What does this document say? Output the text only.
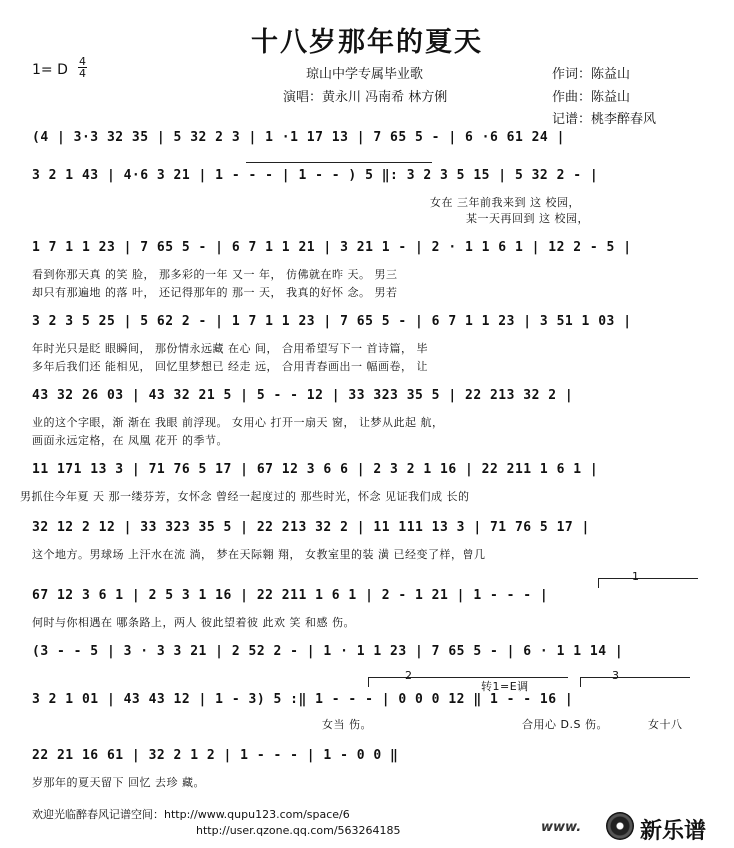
十八岁那年的夏天
1= D
4
4	琼山中学专属毕业歌
演唱：黄永川 冯南希 林方俐
作词：陈益山
作曲：陈益山
记谱：桃李醉春风
(4 | 3·3 32 35 | 5 32 2 3 | 1 ·1 17 13 | 7 65 5 - | 6 ·6 61 24 |
3 2 1 43 | 4·6 3 21 | 1 - - - | 1 - - ) 5 ‖: 3 2 3 5 15 | 5 32 2 - |
女在 三年前我来到 这 校园，
某一天再回到 这 校园，
1 7 1 1 23 | 7 65 5 - | 6 7 1 1 21 | 3 21 1 - | 2 · 1 1 6 1 | 12 2 - 5 |
看到你那天真 的笑 脸， 那多彩的一年 又一 年， 仿佛就在昨 天。 男三
却只有那遍地 的落 叶， 还记得那年的 那一 天， 我真的好怀 念。 男若
3 2 3 5 25 | 5 62 2 - | 1 7 1 1 23 | 7 65 5 - | 6 7 1 1 23 | 3 51 1 03 |
年时光只是眨 眼瞬间， 那份情永远藏 在心 间， 合用希望写下一 首诗篇， 毕
多年后我们还 能相见， 回忆里梦想已 经走 远， 合用青春画出一 幅画卷， 让
43 32 26 03 | 43 32 21 5 | 5 - - 12 | 33 323 35 5 | 22 213 32 2 |
业的这个字眼，渐 渐在 我眼 前浮现。 女用心 打开一扇天 窗， 让梦从此起 航，
画面永远定格，在 凤凰 花开 的季节。
11 171 13 3 | 71 76 5 17 | 67 12 3 6 6 | 2 3 2 1 16 | 22 211 1 6 1 |
男抓住今年夏 天 那一缕芬芳，女怀念 曾经一起度过的 那些时光，怀念 见证我们成 长的
32 12 2 12 | 33 323 35 5 | 22 213 32 2 | 11 111 13 3 | 71 76 5 17 |
这个地方。男球场 上汗水在流 淌， 梦在天际翱 翔， 女教室里的装 潢 已经变了样，曾几
67 12 3 6 1 | 2 5 3 1 16 | 22 211 1 6 1 | 2 - 1 21 | 1 - - - |
何时与你相遇在 哪条路上，两人 彼此望着彼 此欢 笑 和感 伤。
1
(3 - - 5 | 3 · 3 3 21 | 2 52 2 - | 1 · 1 1 23 | 7 65 5 - | 6 · 1 1 14 |
2	3
转1=E调
3 2 1 01 | 43 43 12 | 1 - 3) 5 :‖ 1 - - - | 0 0 0 12 ‖ 1 - - 16 |
女当 伤。	合用心 D.S 伤。	女十八
22 21 16 61 | 32 2 1 2 | 1 - - - | 1 - 0 0 ‖
岁那年的夏天留下 回忆 去珍 藏。
欢迎光临醉春风记谱空间：http://www.qupu123.com/space/6
http://user.qzone.qq.com/563264185	www.	新乐谱
